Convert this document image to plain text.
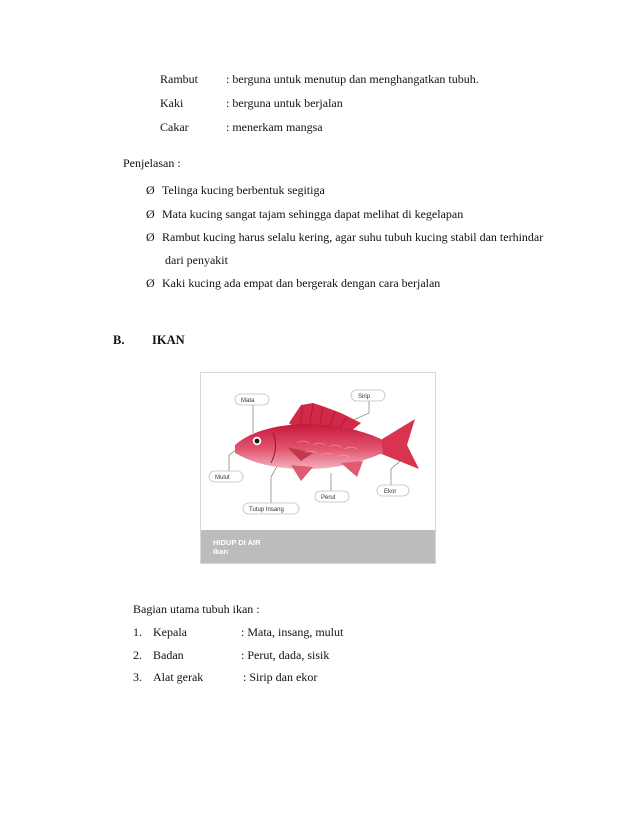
Rambut : berguna untuk menutup dan menghangatkan tubuh.
Kaki	: berguna untuk berjalan
Cakar	: menerkam mangsa
Penjelasan :
Ø Telinga kucing berbentuk segitiga
Ø Mata kucing sangat tajam sehingga dapat melihat di kegelapan
Ø Rambut kucing harus selalu kering, agar suhu tubuh kucing stabil dan terhindar
dari penyakit
Ø Kaki kucing ada empat dan bergerak dengan cara berjalan
B. IKAN
Mata
Sirip
Mulut
Perut
Ekor
Tutup Insang
HIDUP DI AIR
Ikan
Bagian utama tubuh ikan :
1. Kepala	: Mata, insang, mulut
2. Badan	: Perut, dada, sisik
3. Alat gerak	: Sirip dan ekor
